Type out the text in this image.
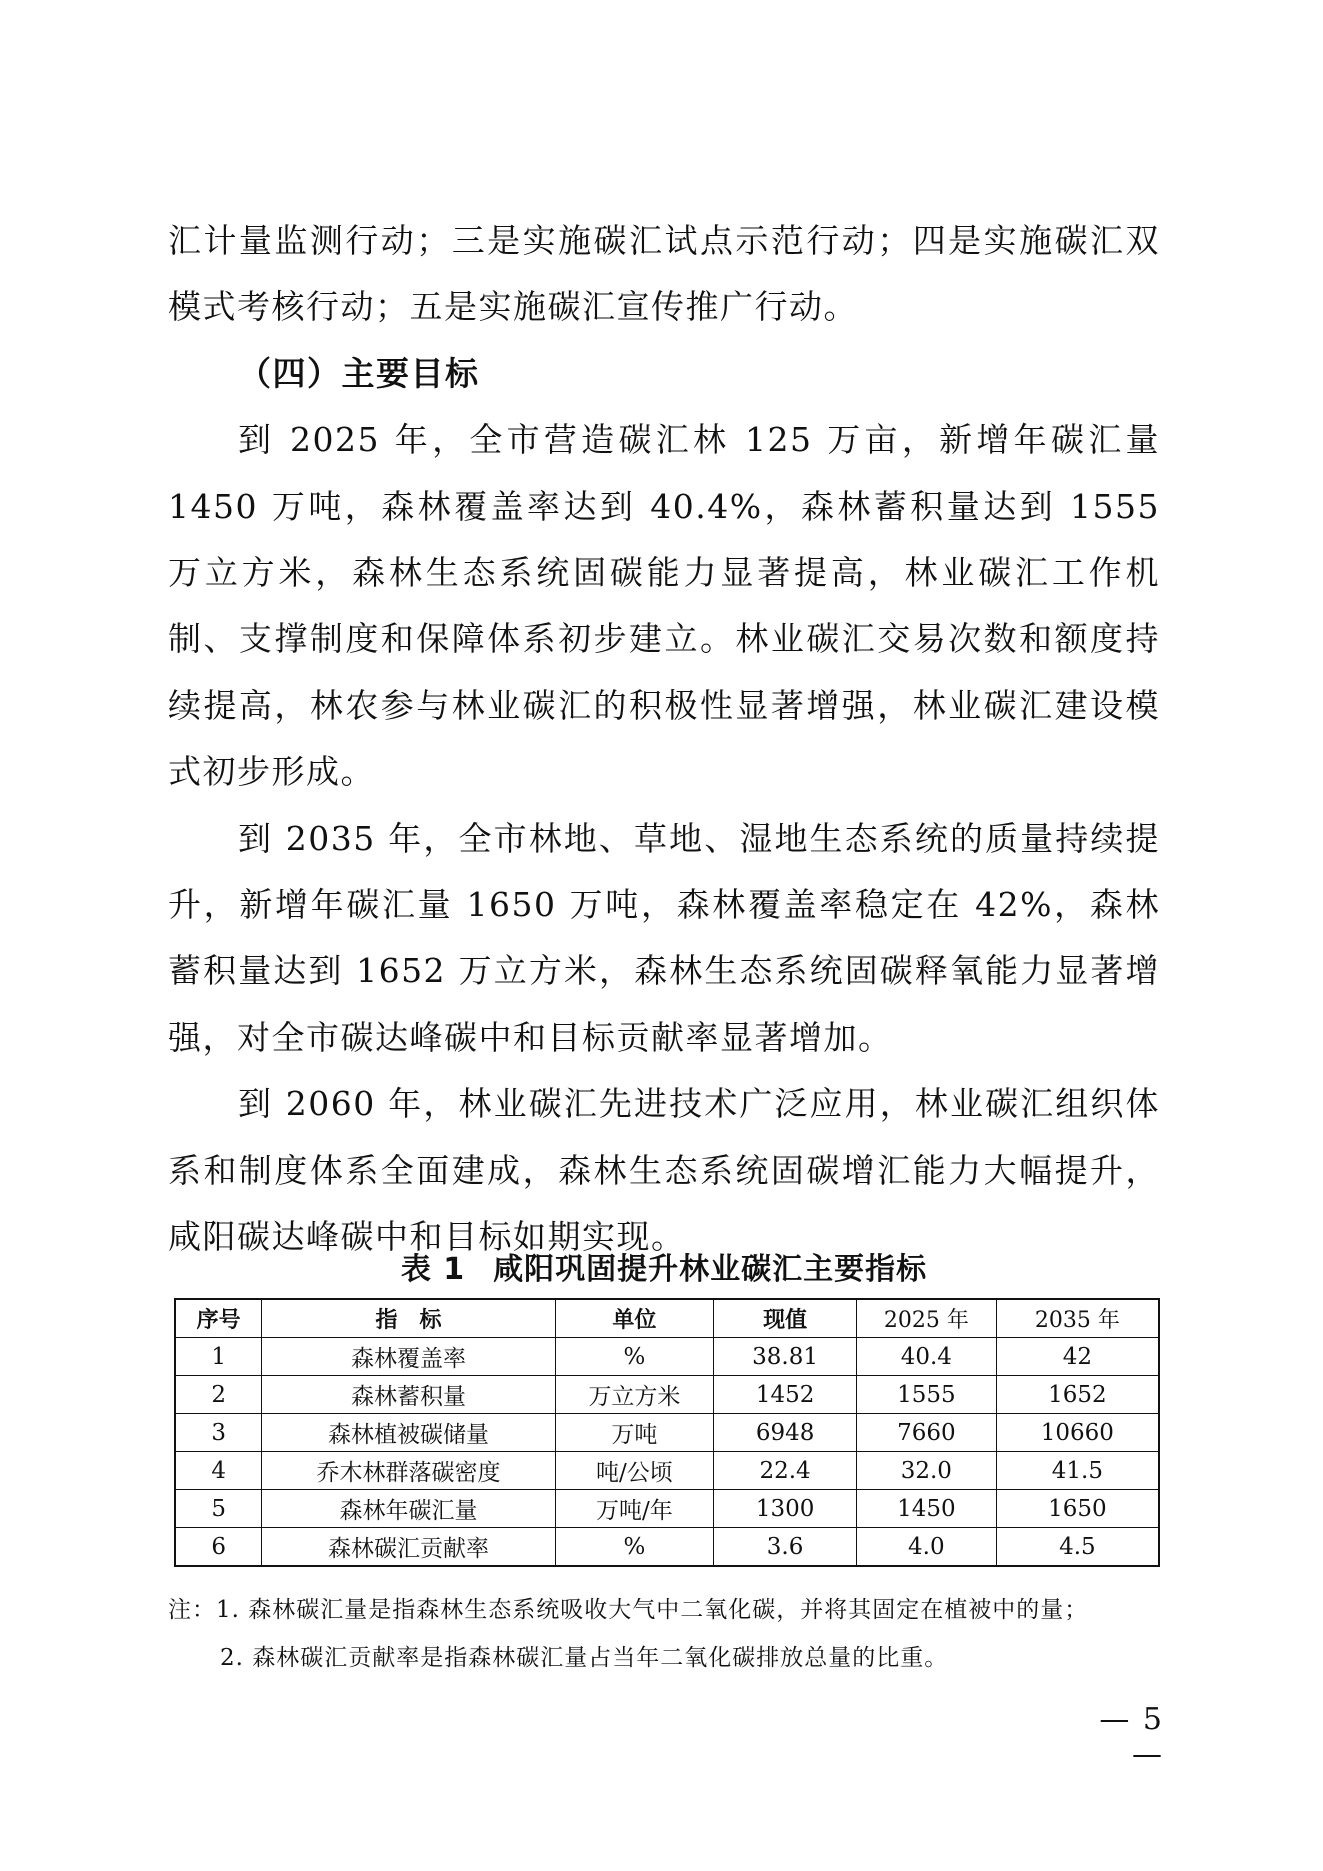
汇计量监测行动；三是实施碳汇试点示范行动；四是实施碳汇双模式考核行动；五是实施碳汇宣传推广行动。

（四）主要目标

到 2025 年，全市营造碳汇林 125 万亩，新增年碳汇量 1450 万吨，森林覆盖率达到 40.4%，森林蓄积量达到 1555 万立方米，森林生态系统固碳能力显著提高，林业碳汇工作机制、支撑制度和保障体系初步建立。林业碳汇交易次数和额度持续提高，林农参与林业碳汇的积极性显著增强，林业碳汇建设模式初步形成。

到 2035 年，全市林地、草地、湿地生态系统的质量持续提升，新增年碳汇量 1650 万吨，森林覆盖率稳定在 42%，森林蓄积量达到 1652 万立方米，森林生态系统固碳释氧能力显著增强，对全市碳达峰碳中和目标贡献率显著增加。

到 2060 年，林业碳汇先进技术广泛应用，林业碳汇组织体系和制度体系全面建成，森林生态系统固碳增汇能力大幅提升，咸阳碳达峰碳中和目标如期实现。

表 1 咸阳巩固提升林业碳汇主要指标
序号	指　标	单位	现值	2025 年	2035 年
1	森林覆盖率	%	38.81	40.4	42
2	森林蓄积量	万立方米	1452	1555	1652
3	森林植被碳储量	万吨	6948	7660	10660
4	乔木林群落碳密度	吨/公顷	22.4	32.0	41.5
5	森林年碳汇量	万吨/年	1300	1450	1650
6	森林碳汇贡献率	%	3.6	4.0	4.5

注：1. 森林碳汇量是指森林生态系统吸收大气中二氧化碳，并将其固定在植被中的量；

2. 森林碳汇贡献率是指森林碳汇量占当年二氧化碳排放总量的比重。

— 5 —
